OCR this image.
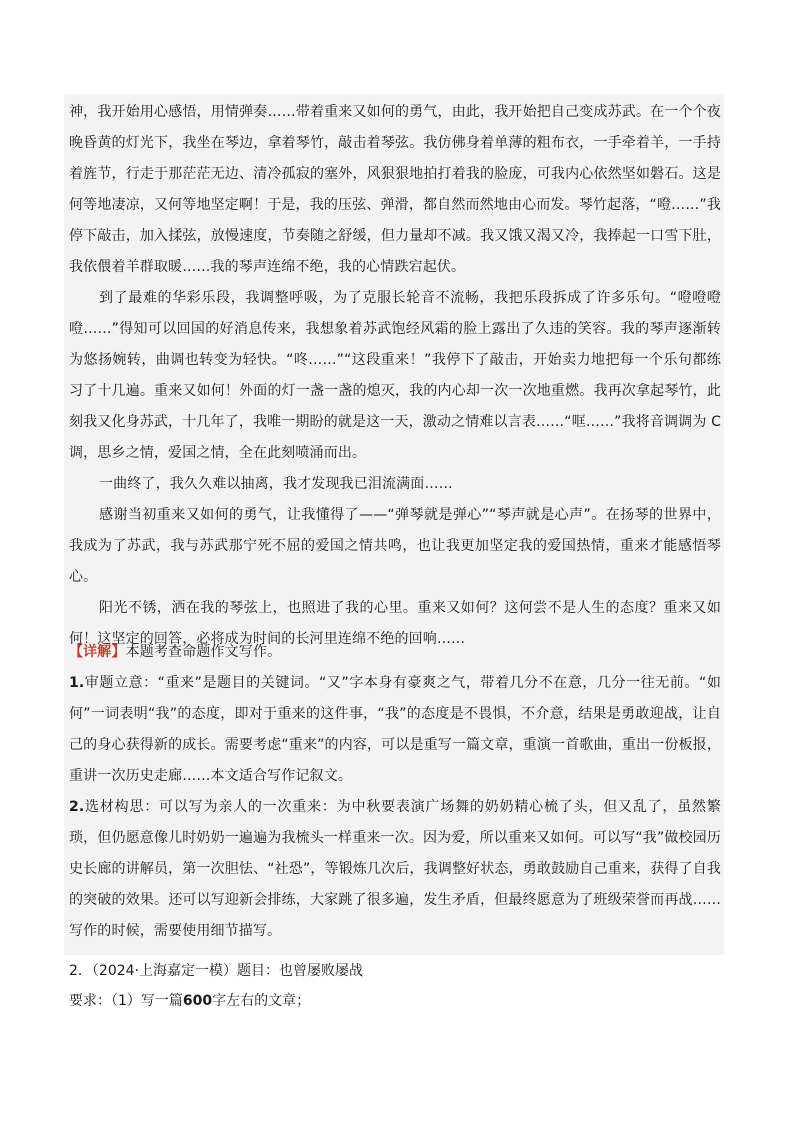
神，我开始用心感悟，用情弹奏……带着重来又如何的勇气，由此，我开始把自己变成苏武。在一个个夜晚昏黄的灯光下，我坐在琴边，拿着琴竹，敲击着琴弦。我仿佛身着单薄的粗布衣，一手牵着羊，一手持着旌节，行走于那茫茫无边、清冷孤寂的塞外，风狠狠地拍打着我的脸庞，可我内心依然坚如磐石。这是何等地凄凉，又何等地坚定啊！于是，我的压弦、弹滑，都自然而然地由心而发。琴竹起落，“噔……”我停下敲击，加入揉弦，放慢速度，节奏随之舒缓，但力量却不减。我又饿又渴又冷，我捧起一口雪下肚，我依偎着羊群取暖……我的琴声连绵不绝，我的心情跌宕起伏。

到了最难的华彩乐段，我调整呼吸，为了克服长轮音不流畅，我把乐段拆成了许多乐句。“噔噔噔噔……”得知可以回国的好消息传来，我想象着苏武饱经风霜的脸上露出了久违的笑容。我的琴声逐渐转为悠扬婉转，曲调也转变为轻快。“咚……”“这段重来！”我停下了敲击，开始卖力地把每一个乐句都练习了十几遍。重来又如何！外面的灯一盏一盏的熄灭，我的内心却一次一次地重燃。我再次拿起琴竹，此刻我又化身苏武，十几年了，我唯一期盼的就是这一天，激动之情难以言表……“哐……”我将音调调为 C 调，思乡之情，爱国之情，全在此刻喷涌而出。

一曲终了，我久久难以抽离，我才发现我已泪流满面……

感谢当初重来又如何的勇气，让我懂得了——“弹琴就是弹心”“琴声就是心声”。在扬琴的世界中，我成为了苏武，我与苏武那宁死不屈的爱国之情共鸣，也让我更加坚定我的爱国热情，重来才能感悟琴心。

阳光不锈，洒在我的琴弦上，也照进了我的心里。重来又如何？这何尝不是人生的态度？重来又如何！这坚定的回答，必将成为时间的长河里连绵不绝的回响……

【详解】本题考查命题作文写作。

1.审题立意：“重来”是题目的关键词。“又”字本身有豪爽之气，带着几分不在意，几分一往无前。“如何”一词表明“我”的态度，即对于重来的这件事，“我”的态度是不畏惧，不介意，结果是勇敢迎战，让自己的身心获得新的成长。需要考虑“重来”的内容，可以是重写一篇文章，重演一首歌曲，重出一份板报，重讲一次历史走廊……本文适合写作记叙文。

2.选材构思：可以写为亲人的一次重来：为中秋要表演广场舞的奶奶精心梳了头，但又乱了，虽然繁琐，但仍愿意像儿时奶奶一遍遍为我梳头一样重来一次。因为爱，所以重来又如何。可以写“我”做校园历史长廊的讲解员，第一次胆怯、“社恐”，等锻炼几次后，我调整好状态，勇敢鼓励自己重来，获得了自我的突破的效果。还可以写迎新会排练，大家跳了很多遍，发生矛盾，但最终愿意为了班级荣誉而再战……写作的时候，需要使用细节描写。

2．（2024·上海嘉定一模）题目：也曾屡败屡战

要求：（1）写一篇600字左右的文章；
